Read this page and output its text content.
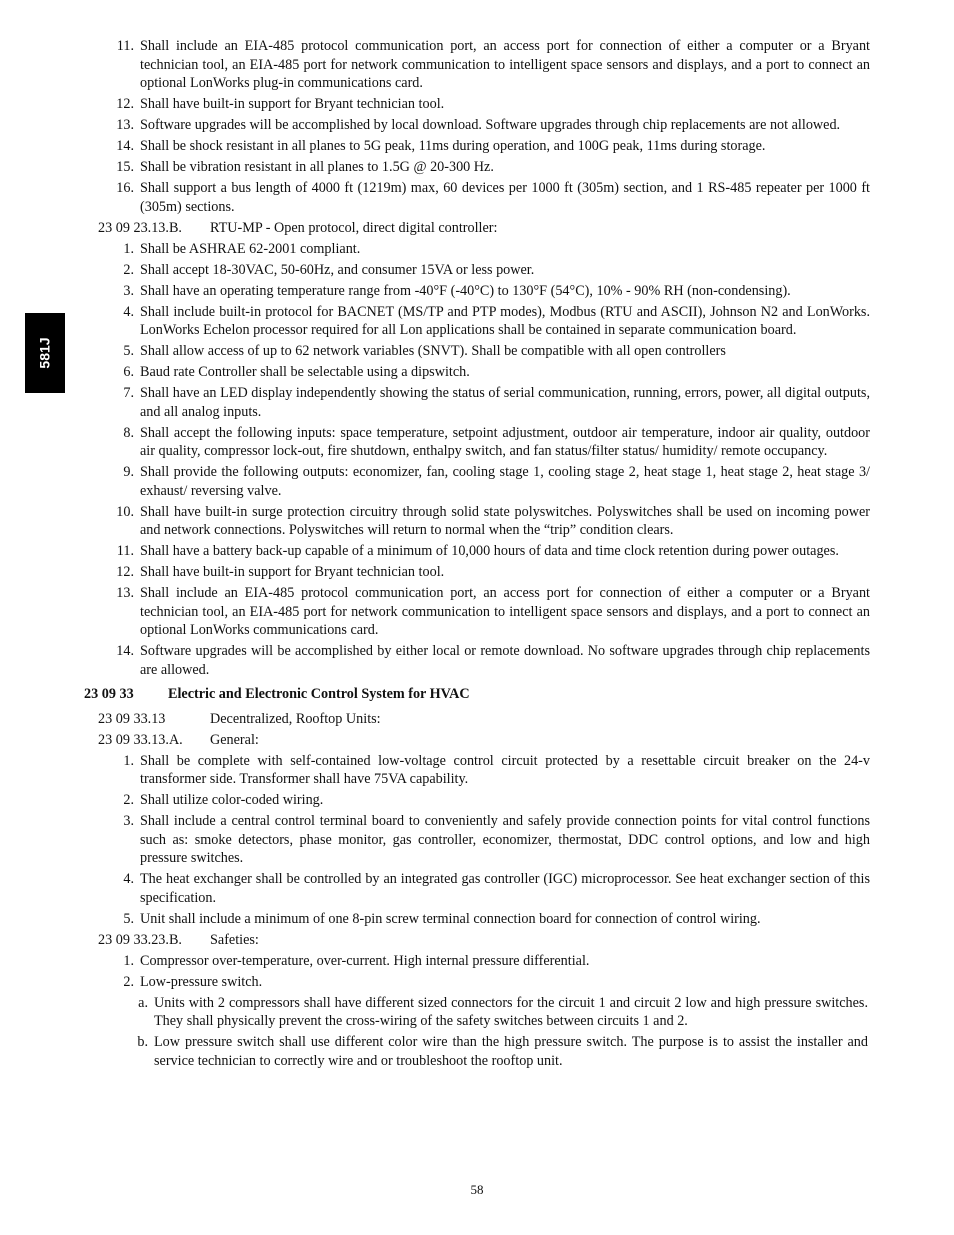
581J
11. Shall include an EIA-485 protocol communication port, an access port for connection of either a computer or a Bryant technician tool, an EIA-485 port for network communication to intelligent space sensors and displays, and a port to connect an optional LonWorks plug-in communications card.
12. Shall have built-in support for Bryant technician tool.
13. Software upgrades will be accomplished by local download. Software upgrades through chip replacements are not allowed.
14. Shall be shock resistant in all planes to 5G peak, 11ms during operation, and 100G peak, 11ms during storage.
15. Shall be vibration resistant in all planes to 1.5G @ 20-300 Hz.
16. Shall support a bus length of 4000 ft (1219m) max, 60 devices per 1000 ft (305m) section, and 1 RS-485 repeater per 1000 ft (305m) sections.
23 09 23.13.B. RTU-MP - Open protocol, direct digital controller:
1. Shall be ASHRAE 62-2001 compliant.
2. Shall accept 18-30VAC, 50-60Hz, and consumer 15VA or less power.
3. Shall have an operating temperature range from -40°F (-40°C) to 130°F (54°C), 10% - 90% RH (non-condensing).
4. Shall include built-in protocol for BACNET (MS/TP and PTP modes), Modbus (RTU and ASCII), Johnson N2 and LonWorks. LonWorks Echelon processor required for all Lon applications shall be contained in separate communication board.
5. Shall allow access of up to 62 network variables (SNVT). Shall be compatible with all open controllers
6. Baud rate Controller shall be selectable using a dipswitch.
7. Shall have an LED display independently showing the status of serial communication, running, errors, power, all digital outputs, and all analog inputs.
8. Shall accept the following inputs: space temperature, setpoint adjustment, outdoor air temperature, indoor air quality, outdoor air quality, compressor lock-out, fire shutdown, enthalpy switch, and fan status/filter status/ humidity/ remote occupancy.
9. Shall provide the following outputs: economizer, fan, cooling stage 1, cooling stage 2, heat stage 1, heat stage 2, heat stage 3/ exhaust/ reversing valve.
10. Shall have built-in surge protection circuitry through solid state polyswitches. Polyswitches shall be used on incoming power and network connections. Polyswitches will return to normal when the “trip” condition clears.
11. Shall have a battery back-up capable of a minimum of 10,000 hours of data and time clock retention during power outages.
12. Shall have built-in support for Bryant technician tool.
13. Shall include an EIA-485 protocol communication port, an access port for connection of either a computer or a Bryant technician tool, an EIA-485 port for network communication to intelligent space sensors and displays, and a port to connect an optional LonWorks communications card.
14. Software upgrades will be accomplished by either local or remote download. No software upgrades through chip replacements are allowed.
23 09 33 Electric and Electronic Control System for HVAC
23 09 33.13	Decentralized, Rooftop Units:
23 09 33.13.A. General:
1. Shall be complete with self-contained low-voltage control circuit protected by a resettable circuit breaker on the 24-v transformer side. Transformer shall have 75VA capability.
2. Shall utilize color-coded wiring.
3. Shall include a central control terminal board to conveniently and safely provide connection points for vital control functions such as: smoke detectors, phase monitor, gas controller, economizer, thermostat, DDC control options, and low and high pressure switches.
4. The heat exchanger shall be controlled by an integrated gas controller (IGC) microprocessor. See heat exchanger section of this specification.
5. Unit shall include a minimum of one 8-pin screw terminal connection board for connection of control wiring.
23 09 33.23.B. Safeties:
1. Compressor over-temperature, over-current. High internal pressure differential.
2. Low-pressure switch.
a. Units with 2 compressors shall have different sized connectors for the circuit 1 and circuit 2 low and high pressure switches. They shall physically prevent the cross-wiring of the safety switches between circuits 1 and 2.
b. Low pressure switch shall use different color wire than the high pressure switch. The purpose is to assist the installer and service technician to correctly wire and or troubleshoot the rooftop unit.
58
